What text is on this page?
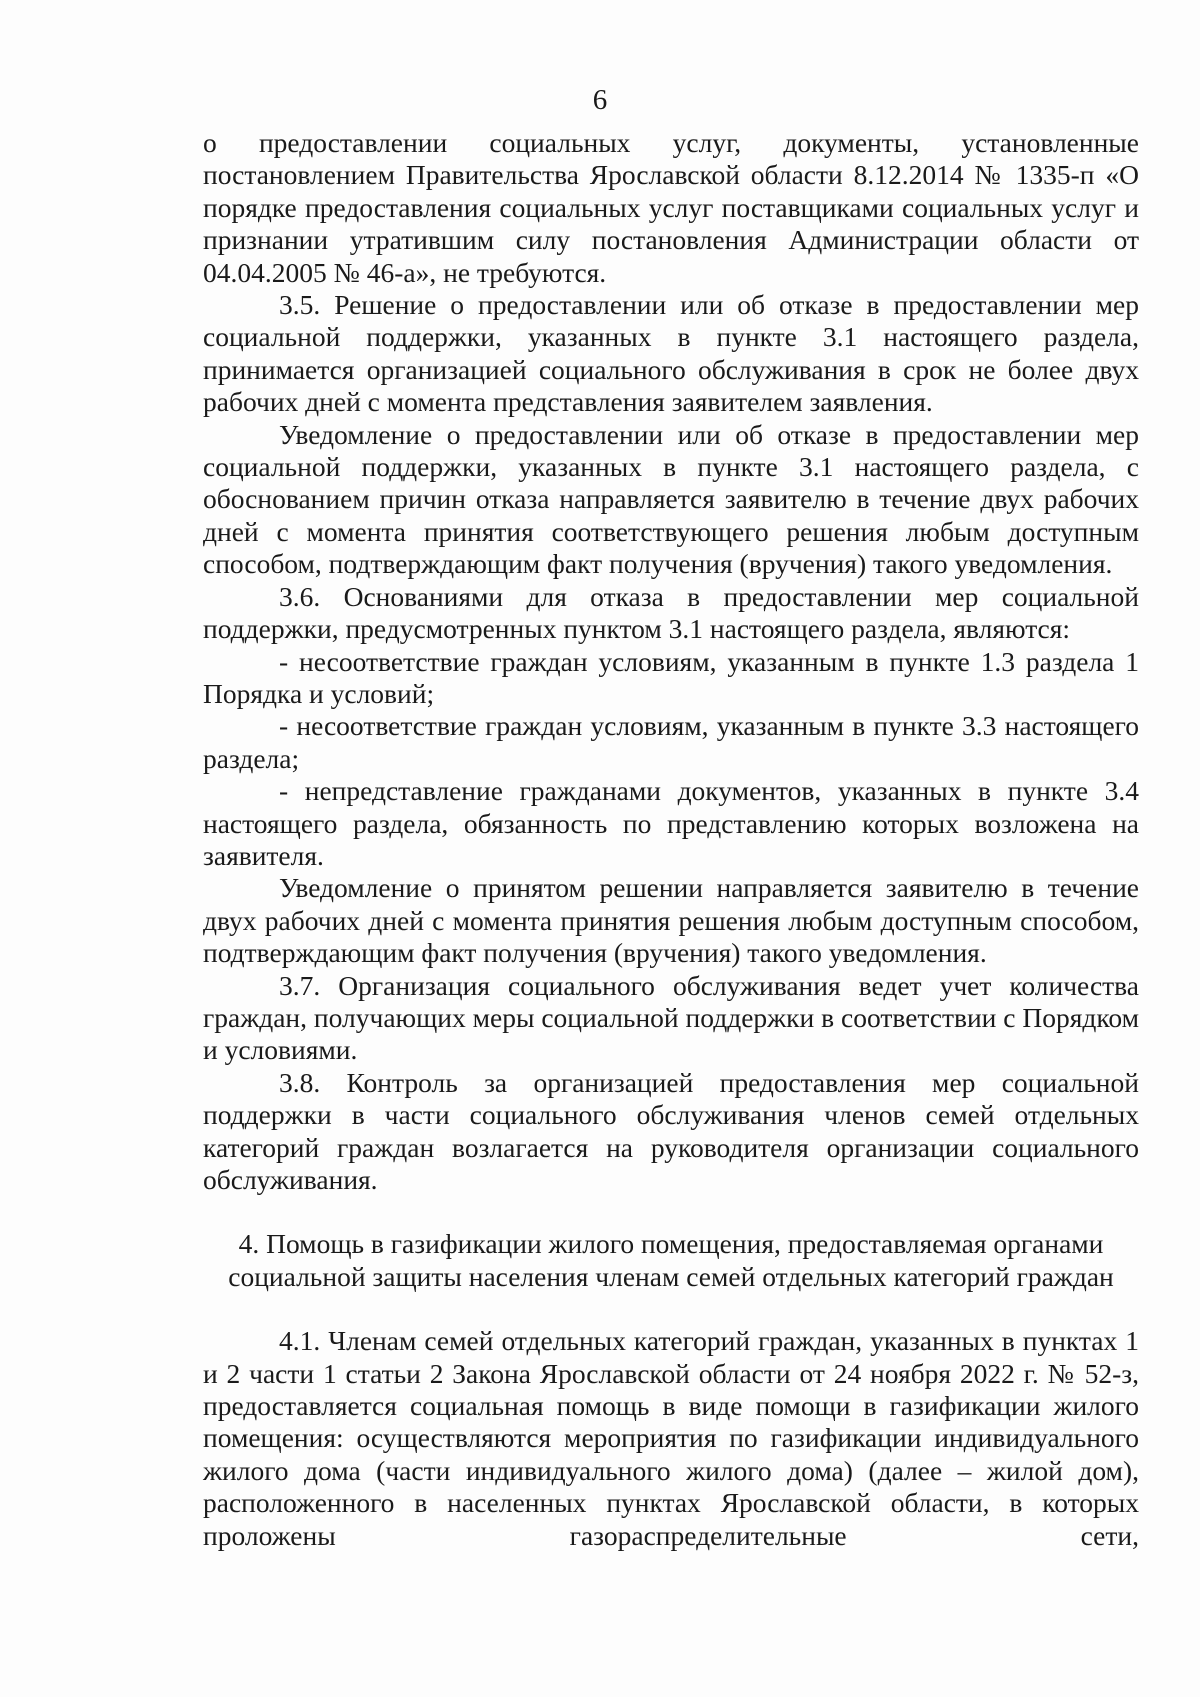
6

о предоставлении социальных услуг, документы, установленные постановлением Правительства Ярославской области 8.12.2014 № 1335-п «О порядке предоставления социальных услуг поставщиками социальных услуг и признании утратившим силу постановления Администрации области от 04.04.2005 № 46-а», не требуются.

3.5. Решение о предоставлении или об отказе в предоставлении мер социальной поддержки, указанных в пункте 3.1 настоящего раздела, принимается организацией социального обслуживания в срок не более двух рабочих дней с момента представления заявителем заявления.

Уведомление о предоставлении или об отказе в предоставлении мер социальной поддержки, указанных в пункте 3.1 настоящего раздела, с обоснованием причин отказа направляется заявителю в течение двух рабочих дней с момента принятия соответствующего решения любым доступным способом, подтверждающим факт получения (вручения) такого уведомления.

3.6. Основаниями для отказа в предоставлении мер социальной поддержки, предусмотренных пунктом 3.1 настоящего раздела, являются:

- несоответствие граждан условиям, указанным в пункте 1.3 раздела 1 Порядка и условий;

- несоответствие граждан условиям, указанным в пункте 3.3 настоящего раздела;

- непредставление гражданами документов, указанных в пункте 3.4 настоящего раздела, обязанность по представлению которых возложена на заявителя.

Уведомление о принятом решении направляется заявителю в течение двух рабочих дней с момента принятия решения любым доступным способом, подтверждающим факт получения (вручения) такого уведомления.

3.7. Организация социального обслуживания ведет учет количества граждан, получающих меры социальной поддержки в соответствии с Порядком и условиями.

3.8. Контроль за организацией предоставления мер социальной поддержки в части социального обслуживания членов семей отдельных категорий граждан возлагается на руководителя организации социального обслуживания.

4. Помощь в газификации жилого помещения, предоставляемая органами социальной защиты населения членам семей отдельных категорий граждан

4.1. Членам семей отдельных категорий граждан, указанных в пунктах 1 и 2 части 1 статьи 2 Закона Ярославской области от 24 ноября 2022 г. № 52-з, предоставляется социальная помощь в виде помощи в газификации жилого помещения: осуществляются мероприятия по газификации индивидуального жилого дома (части индивидуального жилого дома) (далее – жилой дом), расположенного в населенных пунктах Ярославской области, в которых проложены газораспределительные сети,
